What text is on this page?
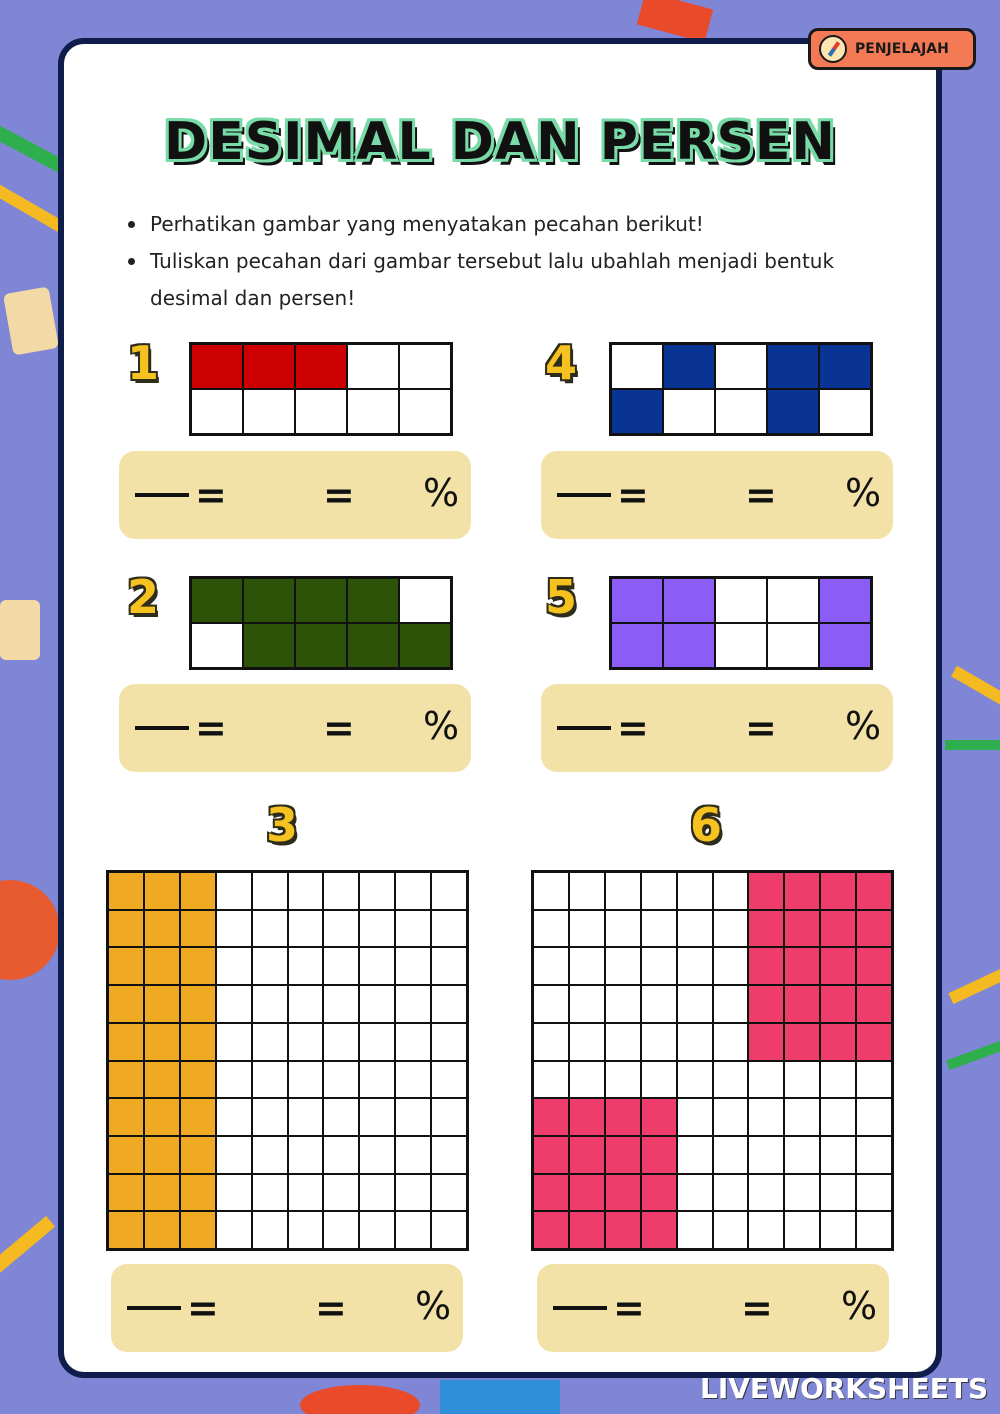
PENJELAJAH
DESIMAL DAN PERSEN
Perhatikan gambar yang menyatakan pecahan berikut!
Tuliskan pecahan dari gambar tersebut lalu ubahlah menjadi bentuk desimal dan persen!
1
=	= %
2
=	= %
4
=	= %
5
=	= %
3
=	= %
6
=	= %
LIVEWORKSHEETS
